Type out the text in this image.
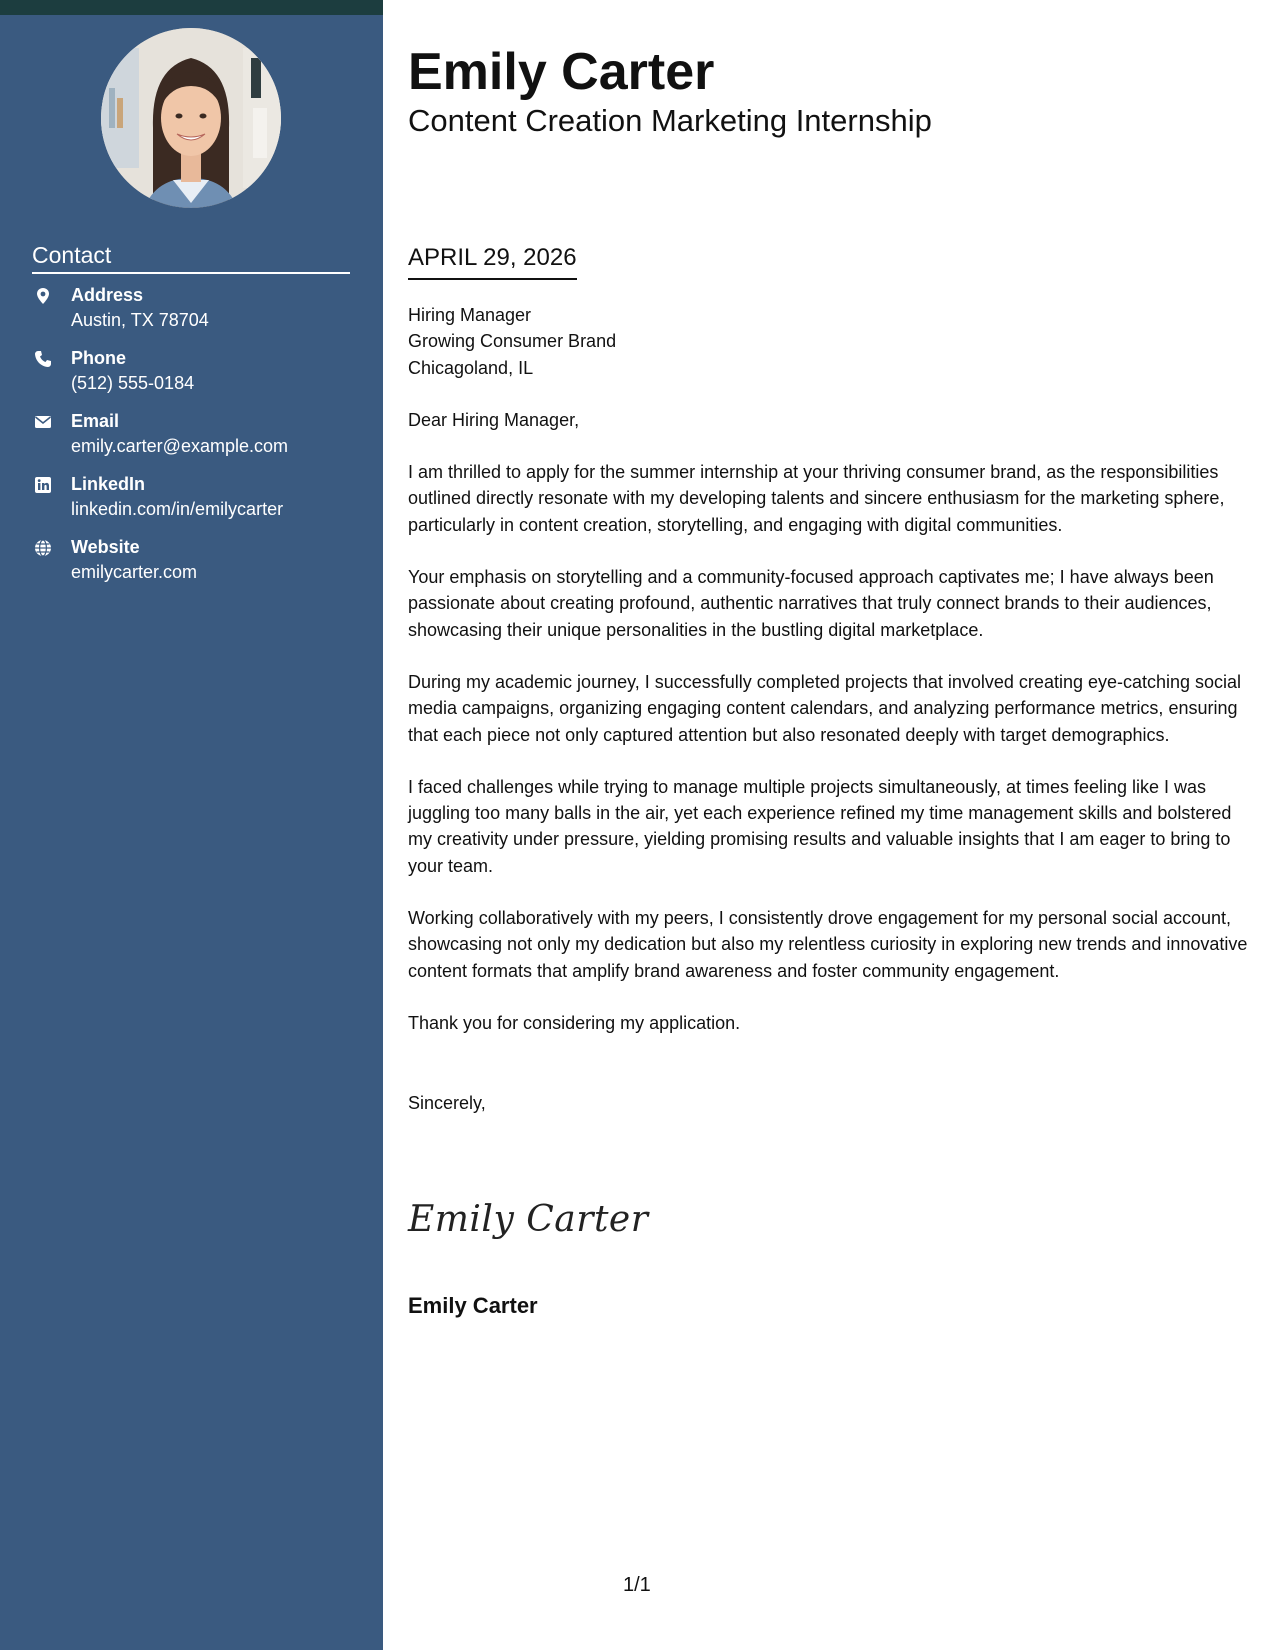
Contact
Address
Austin, TX 78704
Phone
(512) 555-0184
Email
emily.carter@example.com
LinkedIn
linkedin.com/in/emilycarter
Website
emilycarter.com
Emily Carter
Content Creation Marketing Internship
APRIL 29, 2026

Hiring Manager

Growing Consumer Brand

Chicagoland, IL

Dear Hiring Manager,

I am thrilled to apply for the summer internship at your thriving consumer brand, as the responsibilities outlined directly resonate with my developing talents and sincere enthusiasm for the marketing sphere, particularly in content creation, storytelling, and engaging with digital communities.

Your emphasis on storytelling and a community-focused approach captivates me; I have always been passionate about creating profound, authentic narratives that truly connect brands to their audiences, showcasing their unique personalities in the bustling digital marketplace.

During my academic journey, I successfully completed projects that involved creating eye-catching social media campaigns, organizing engaging content calendars, and analyzing performance metrics, ensuring that each piece not only captured attention but also resonated deeply with target demographics.

I faced challenges while trying to manage multiple projects simultaneously, at times feeling like I was juggling too many balls in the air, yet each experience refined my time management skills and bolstered my creativity under pressure, yielding promising results and valuable insights that I am eager to bring to your team.

Working collaboratively with my peers, I consistently drove engagement for my personal social account, showcasing not only my dedication but also my relentless curiosity in exploring new trends and innovative content formats that amplify brand awareness and foster community engagement.

Thank you for considering my application.

Sincerely,

Emily Carter
Emily Carter
1/1
